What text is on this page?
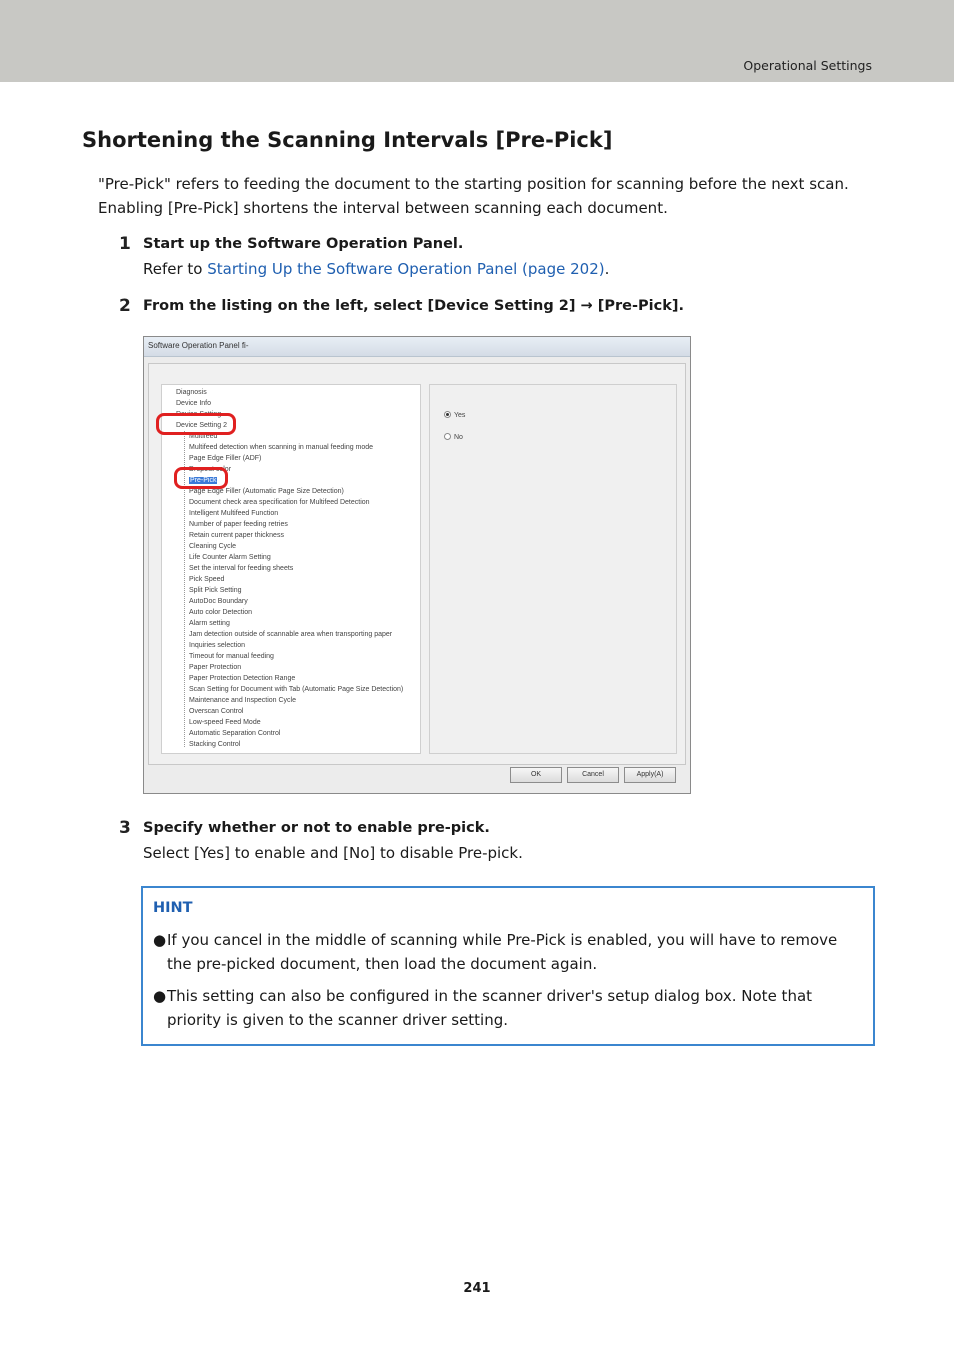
Operational Settings
Shortening the Scanning Intervals [Pre-Pick]
"Pre-Pick" refers to feeding the document to the starting position for scanning before the next scan. Enabling [Pre-Pick] shortens the interval between scanning each document.
1 Start up the Software Operation Panel.
Refer to Starting Up the Software Operation Panel (page 202).
2 From the listing on the left, select [Device Setting 2] → [Pre-Pick].
Software Operation Panel fi-
Diagnosis
Device Info
Device Setting
Device Setting 2
Multifeed
Multifeed detection when scanning in manual feeding mode
Page Edge Filler (ADF)
Dropout color
Pre-Pick
Page Edge Filler (Automatic Page Size Detection)
Document check area specification for Multifeed Detection
Intelligent Multifeed Function
Number of paper feeding retries
Retain current paper thickness
Cleaning Cycle
Life Counter Alarm Setting
Set the interval for feeding sheets
Pick Speed
Split Pick Setting
AutoDoc Boundary
Auto color Detection
Alarm setting
Jam detection outside of scannable area when transporting paper
Inquiries selection
Timeout for manual feeding
Paper Protection
Paper Protection Detection Range
Scan Setting for Document with Tab (Automatic Page Size Detection)
Maintenance and Inspection Cycle
Overscan Control
Low-speed Feed Mode
Automatic Separation Control
Stacking Control
Yes
No
OK	Cancel	Apply(A)
3 Specify whether or not to enable pre-pick.
Select [Yes] to enable and [No] to disable Pre-pick.
HINT
● If you cancel in the middle of scanning while Pre-Pick is enabled, you will have to remove the pre-picked document, then load the document again.
● This setting can also be configured in the scanner driver's setup dialog box. Note that priority is given to the scanner driver setting.
241
